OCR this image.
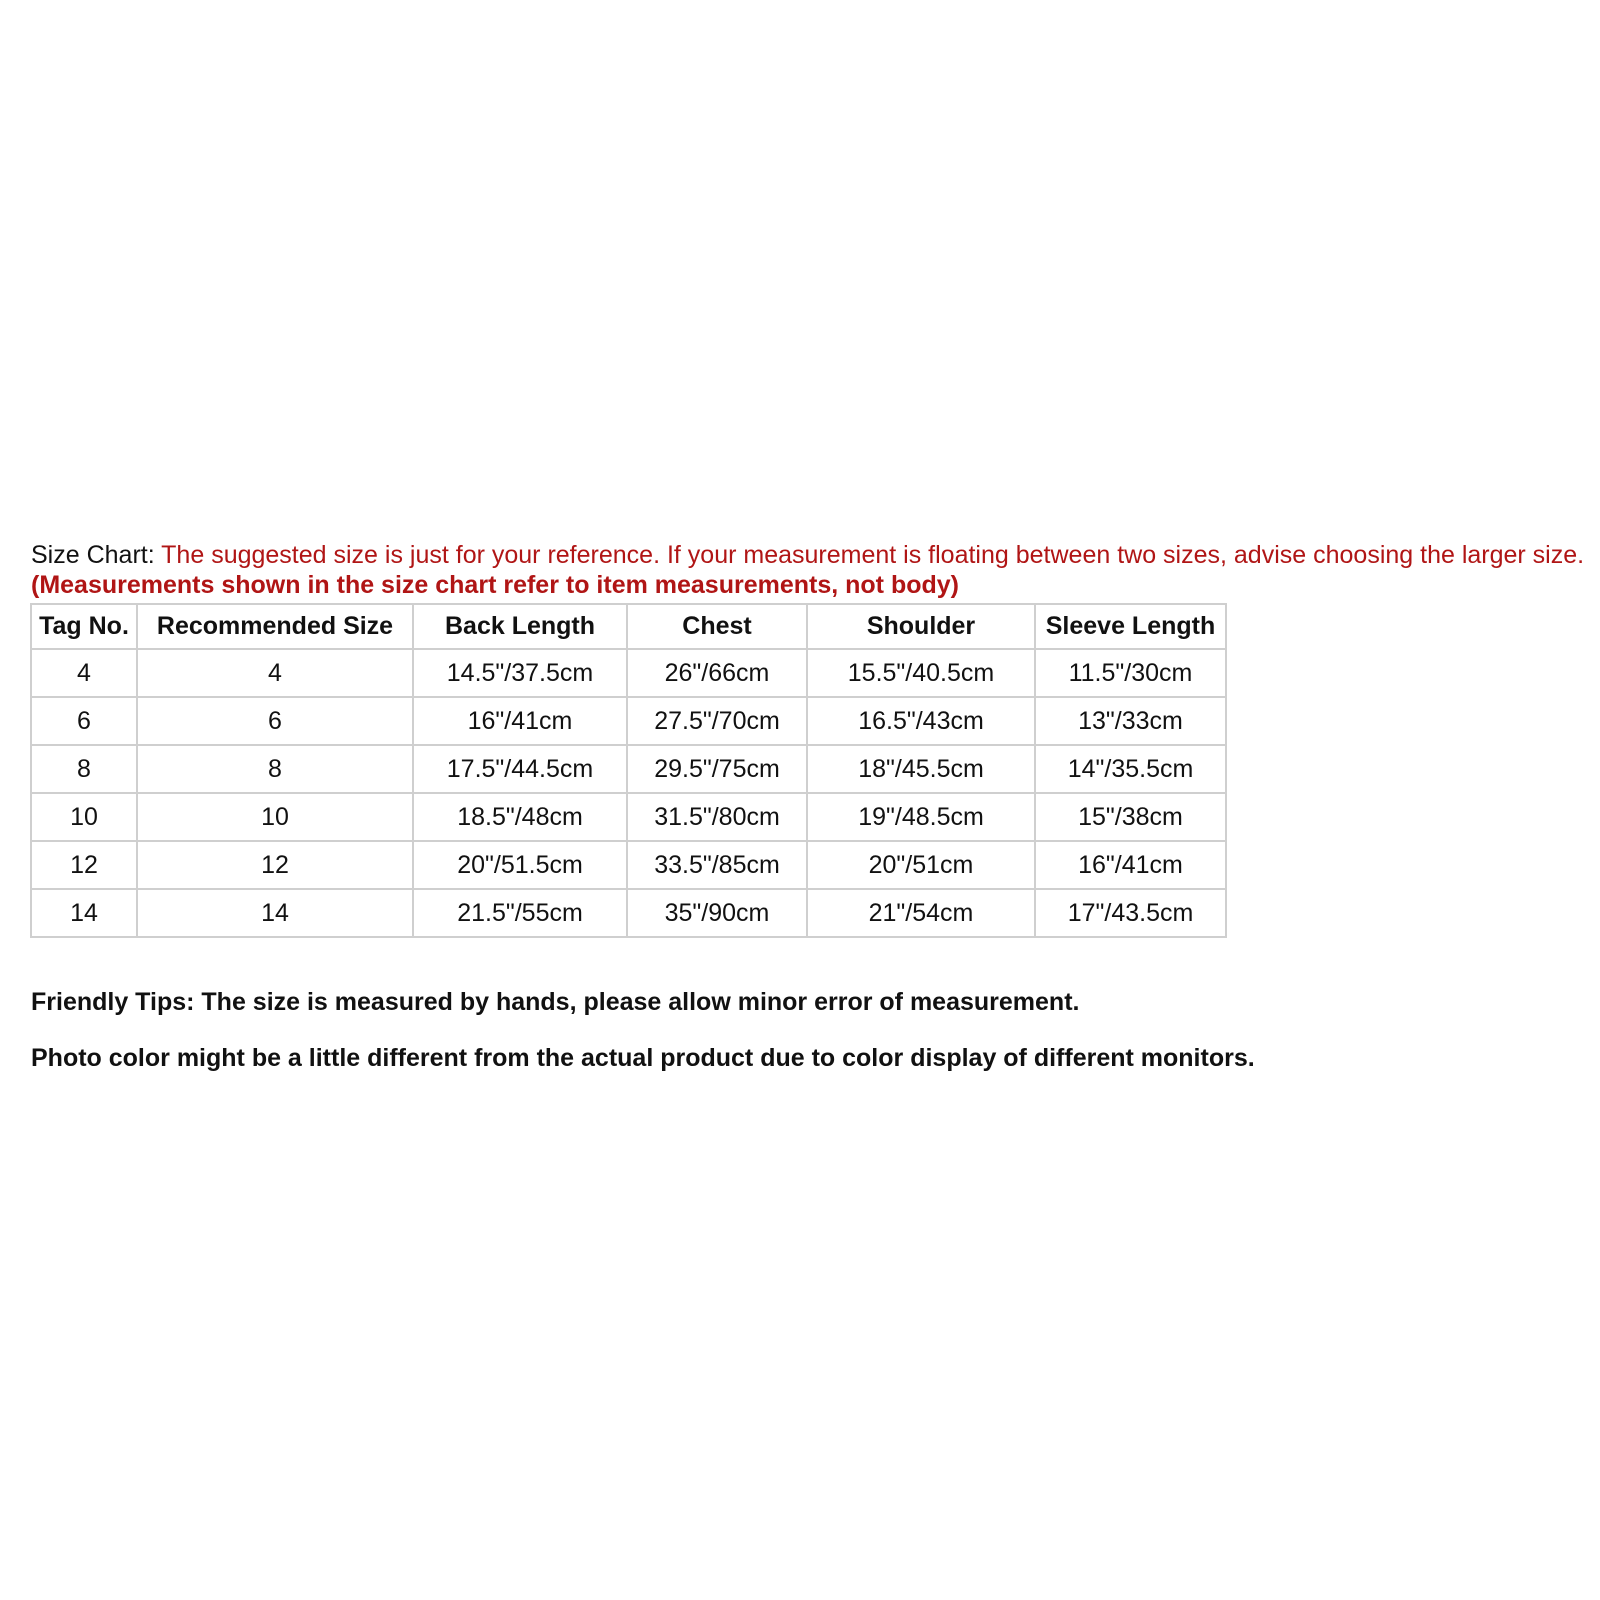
Size Chart: The suggested size is just for your reference. If your measurement is floating between two sizes, advise choosing the larger size. (Measurements shown in the size chart refer to item measurements, not body)
Tag No.	Recommended Size	Back Length	Chest	Shoulder	Sleeve Length
4	4	14.5"/37.5cm	26"/66cm	15.5"/40.5cm	11.5"/30cm
6	6	16"/41cm	27.5"/70cm	16.5"/43cm	13"/33cm
8	8	17.5"/44.5cm	29.5"/75cm	18"/45.5cm	14"/35.5cm
10	10	18.5"/48cm	31.5"/80cm	19"/48.5cm	15"/38cm
12	12	20"/51.5cm	33.5"/85cm	20"/51cm	16"/41cm
14	14	21.5"/55cm	35"/90cm	21"/54cm	17"/43.5cm
Friendly Tips: The size is measured by hands, please allow minor error of measurement.
Photo color might be a little different from the actual product due to color display of different monitors.
